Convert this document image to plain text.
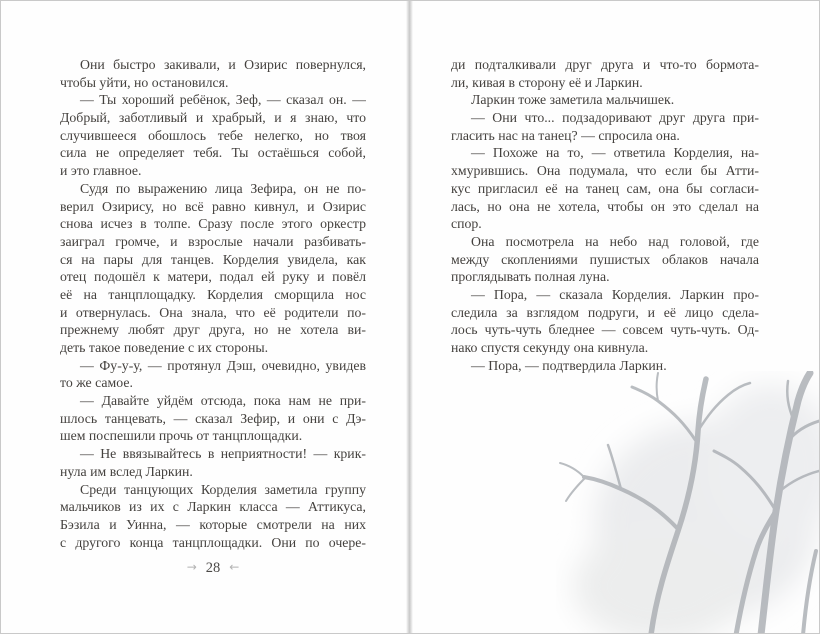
Они быстро закивали, и Озирис повернулся,
чтобы уйти, но остановился.
— Ты хороший ребёнок, Зеф, — сказал он. —
Добрый, заботливый и храбрый, и я знаю, что
случившееся обошлось тебе нелегко, но твоя
сила не определяет тебя. Ты остаёшься собой,
и это главное.
Судя по выражению лица Зефира, он не по-
верил Озирису, но всё равно кивнул, и Озирис
снова исчез в толпе. Сразу после этого оркестр
заиграл громче, и взрослые начали разбивать-
ся на пары для танцев. Корделия увидела, как
отец подошёл к матери, подал ей руку и повёл
её на танцплощадку. Корделия сморщила нос
и отвернулась. Она знала, что её родители по-
прежнему любят друг друга, но не хотела ви-
деть такое поведение с их стороны.
— Фу-у-у, — протянул Дэш, очевидно, увидев
то же самое.
— Давайте уйдём отсюда, пока нам не при-
шлось танцевать, — сказал Зефир, и они с Дэ-
шем поспешили прочь от танцплощадки.
— Не ввязывайтесь в неприятности! — крик-
нула им вслед Ларкин.
Среди танцующих Корделия заметила группу
мальчиков из их с Ларкин класса — Аттикуса,
Бэзила и Уинна, — которые смотрели на них
с другого конца танцплощадки. Они по очере-
ди подталкивали друг друга и что-то бормота-
ли, кивая в сторону её и Ларкин.
Ларкин тоже заметила мальчишек.
— Они что... подзадоривают друг друга при-
гласить нас на танец? — спросила она.
— Похоже на то, — ответила Корделия, на-
хмурившись. Она подумала, что если бы Атти-
кус пригласил её на танец сам, она бы согласи-
лась, но она не хотела, чтобы он это сделал на
спор.
Она посмотрела на небо над головой, где
между скоплениями пушистых облаков начала
проглядывать полная луна.
— Пора, — сказала Корделия. Ларкин про-
следила за взглядом подруги, и её лицо сдела-
лось чуть-чуть бледнее — совсем чуть-чуть. Од-
нако спустя секунду она кивнула.
— Пора, — подтвердила Ларкин.
→ 28 ←
